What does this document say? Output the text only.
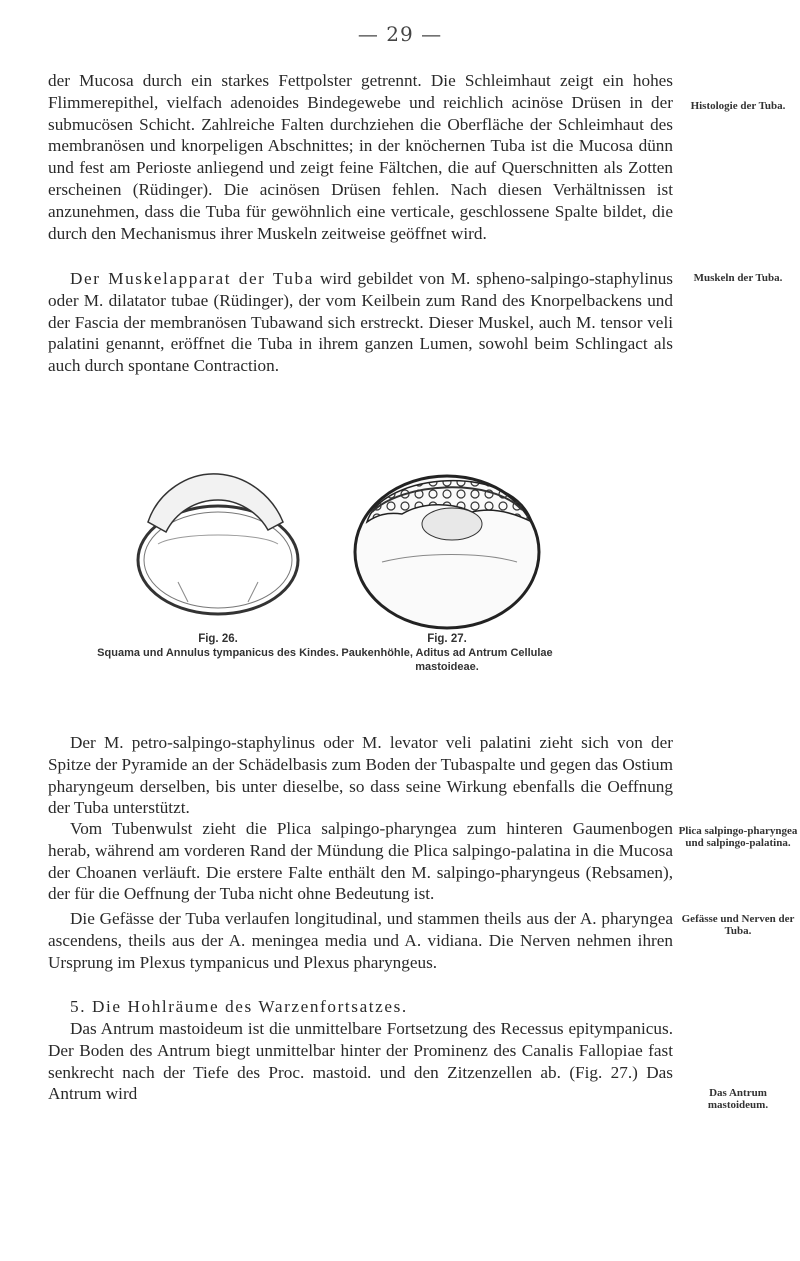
— 29 —

der Mucosa durch ein starkes Fettpolster getrennt. Die Schleimhaut zeigt ein hohes Flimmerepithel, vielfach adenoides Bindegewebe und reichlich acinöse Drüsen in der submucösen Schicht. Zahlreiche Falten durchziehen die Oberfläche der Schleimhaut des membranösen und knorpeligen Abschnittes; in der knöchernen Tuba ist die Mucosa dünn und fest am Perioste anliegend und zeigt feine Fältchen, die auf Querschnitten als Zotten erscheinen (Rüdinger). Die acinösen Drüsen fehlen. Nach diesen Verhältnissen ist anzunehmen, dass die Tuba für gewöhnlich eine verticale, geschlossene Spalte bildet, die durch den Mechanismus ihrer Muskeln zeitweise geöffnet wird.

Der Muskelapparat der Tuba wird gebildet von M. spheno-salpingo-staphylinus oder M. dilatator tubae (Rüdinger), der vom Keilbein zum Rand des Knorpelbackens und der Fascia der membranösen Tubawand sich erstreckt. Dieser Muskel, auch M. tensor veli palatini genannt, eröffnet die Tuba in ihrem ganzen Lumen, sowohl beim Schlingact als auch durch spontane Contraction.

Fig. 26.
Squama und Annulus tympanicus des Kindes.
Fig. 27.
Paukenhöhle, Aditus ad Antrum Cellulae mastoideae.

Der M. petro-salpingo-staphylinus oder M. levator veli palatini zieht sich von der Spitze der Pyramide an der Schädelbasis zum Boden der Tubaspalte und gegen das Ostium pharyngeum derselben, bis unter dieselbe, so dass seine Wirkung ebenfalls die Oeffnung der Tuba unterstützt.

Vom Tubenwulst zieht die Plica salpingo-pharyngea zum hinteren Gaumenbogen herab, während am vorderen Rand der Mündung die Plica salpingo-palatina in die Mucosa der Choanen verläuft. Die erstere Falte enthält den M. salpingo-pharyngeus (Rebsamen), der für die Oeffnung der Tuba nicht ohne Bedeutung ist.

Die Gefässe der Tuba verlaufen longitudinal, und stammen theils aus der A. pharyngea ascendens, theils aus der A. meningea media und A. vidiana. Die Nerven nehmen ihren Ursprung im Plexus tympanicus und Plexus pharyngeus.

5. Die Hohlräume des Warzenfortsatzes.

Das Antrum mastoideum ist die unmittelbare Fortsetzung des Recessus epitympanicus. Der Boden des Antrum biegt unmittelbar hinter der Prominenz des Canalis Fallopiae fast senkrecht nach der Tiefe des Proc. mastoid. und den Zitzenzellen ab. (Fig. 27.) Das Antrum wird

Histologie der Tuba.
Muskeln der Tuba.
Plica salpingo-pharyngea und salpingo-palatina.
Gefässe und Nerven der Tuba.
Das Antrum mastoideum.
